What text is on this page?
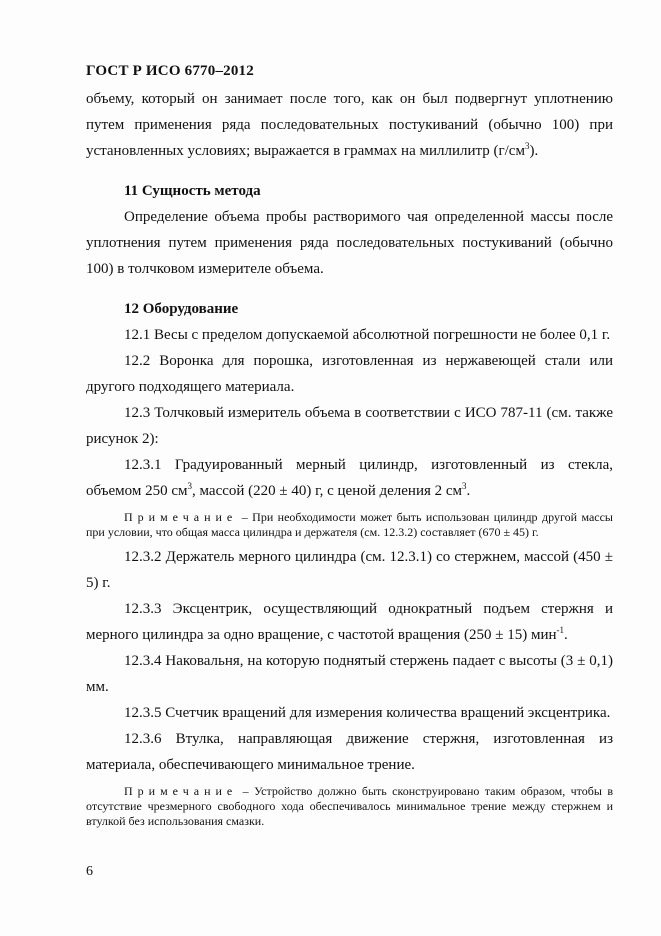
ГОСТ Р ИСО 6770–2012

объему, который он занимает после того, как он был подвергнут уплотнению путем применения ряда последовательных постукиваний (обычно 100) при установленных условиях; выражается в граммах на миллилитр $(г/см^3)$.

11 Сущность метода

Определение объема пробы растворимого чая определенной массы после уплотнения путем применения ряда последовательных постукиваний (обычно 100) в толчковом измерителе объема.

12 Оборудование

12.1 Весы с пределом допускаемой абсолютной погрешности не более 0,1 г.

12.2 Воронка для порошка, изготовленная из нержавеющей стали или другого подходящего материала.

12.3 Толчковый измеритель объема в соответствии с ИСО 787-11 (см. также рисунок 2):

12.3.1 Градуированный мерный цилиндр, изготовленный из стекла, объемом 250 $см^3$, массой (220 ± 40) г, с ценой деления 2 $см^3$.

Примечание – При необходимости может быть использован цилиндр другой массы при условии, что общая масса цилиндра и держателя (см. 12.3.2) составляет (670 ± 45) г.

12.3.2 Держатель мерного цилиндра (см. 12.3.1) со стержнем, массой (450 ± 5) г.

12.3.3 Эксцентрик, осуществляющий однократный подъем стержня и мерного цилиндра за одно вращение, с частотой вращения (250 ± 15) мин$^{-1}$.

12.3.4 Наковальня, на которую поднятый стержень падает с высоты (3 ± 0,1) мм.

12.3.5 Счетчик вращений для измерения количества вращений эксцентрика.

12.3.6 Втулка, направляющая движение стержня, изготовленная из материала, обеспечивающего минимальное трение.

Примечание – Устройство должно быть сконструировано таким образом, чтобы в отсутствие чрезмерного свободного хода обеспечивалось минимальное трение между стержнем и втулкой без использования смазки.

6
